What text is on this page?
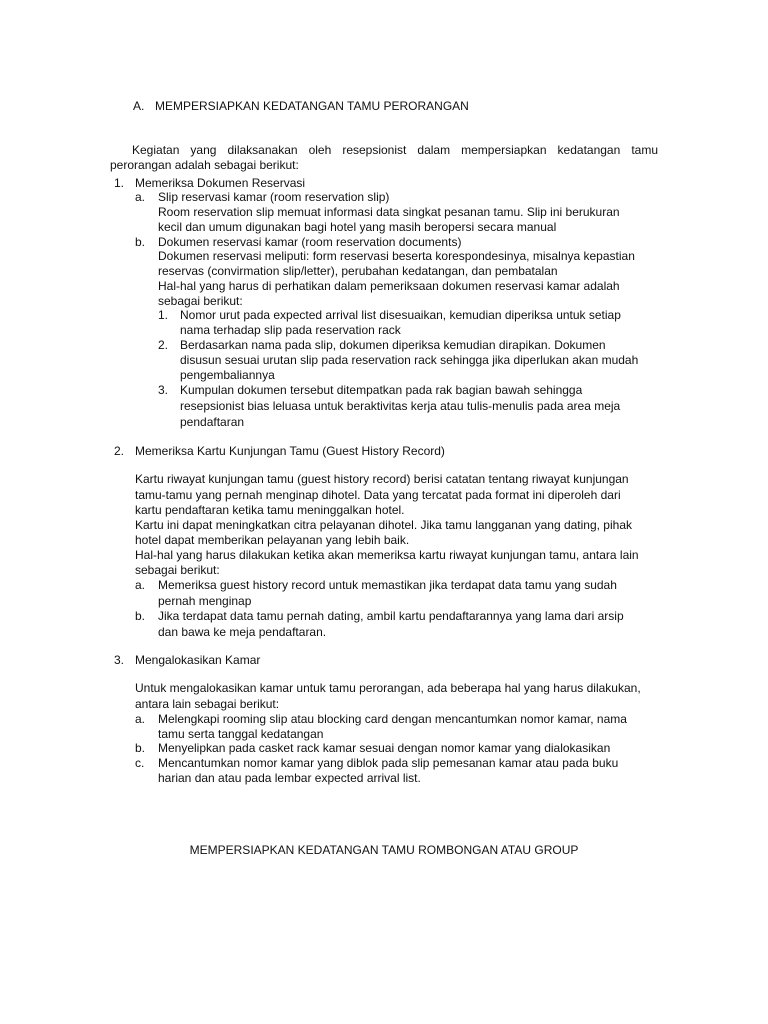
A. MEMPERSIAPKAN KEDATANGAN TAMU PERORANGAN
Kegiatan yang dilaksanakan oleh resepsionist dalam mempersiapkan kedatangan tamu
perorangan adalah sebagai berikut:
1. Memeriksa Dokumen Reservasi
a. Slip reservasi kamar (room reservation slip)
Room reservation slip memuat informasi data singkat pesanan tamu. Slip ini berukuran
kecil dan umum digunakan bagi hotel yang masih beropersi secara manual
b. Dokumen reservasi kamar (room reservation documents)
Dokumen reservasi meliputi: form reservasi beserta korespondesinya, misalnya kepastian
reservas (convirmation slip/letter), perubahan kedatangan, dan pembatalan
Hal-hal yang harus di perhatikan dalam pemeriksaan dokumen reservasi kamar adalah
sebagai berikut:
1. Nomor urut pada expected arrival list disesuaikan, kemudian diperiksa untuk setiap
nama terhadap slip pada reservation rack
2. Berdasarkan nama pada slip, dokumen diperiksa kemudian dirapikan. Dokumen
disusun sesuai urutan slip pada reservation rack sehingga jika diperlukan akan mudah
pengembaliannya
3. Kumpulan dokumen tersebut ditempatkan pada rak bagian bawah sehingga
resepsionist bias leluasa untuk beraktivitas kerja atau tulis-menulis pada area meja
pendaftaran
2. Memeriksa Kartu Kunjungan Tamu (Guest History Record)
Kartu riwayat kunjungan tamu (guest history record) berisi catatan tentang riwayat kunjungan
tamu-tamu yang pernah menginap dihotel. Data yang tercatat pada format ini diperoleh dari
kartu pendaftaran ketika tamu meninggalkan hotel.
Kartu ini dapat meningkatkan citra pelayanan dihotel. Jika tamu langganan yang dating, pihak
hotel dapat memberikan pelayanan yang lebih baik.
Hal-hal yang harus dilakukan ketika akan memeriksa kartu riwayat kunjungan tamu, antara lain
sebagai berikut:
a. Memeriksa guest history record untuk memastikan jika terdapat data tamu yang sudah
pernah menginap
b. Jika terdapat data tamu pernah dating, ambil kartu pendaftarannya yang lama dari arsip
dan bawa ke meja pendaftaran.
3. Mengalokasikan Kamar
Untuk mengalokasikan kamar untuk tamu perorangan, ada beberapa hal yang harus dilakukan,
antara lain sebagai berikut:
a. Melengkapi rooming slip atau blocking card dengan mencantumkan nomor kamar, nama
tamu serta tanggal kedatangan
b. Menyelipkan pada casket rack kamar sesuai dengan nomor kamar yang dialokasikan
c. Mencantumkan nomor kamar yang diblok pada slip pemesanan kamar atau pada buku
harian dan atau pada lembar expected arrival list.
MEMPERSIAPKAN KEDATANGAN TAMU ROMBONGAN ATAU GROUP
